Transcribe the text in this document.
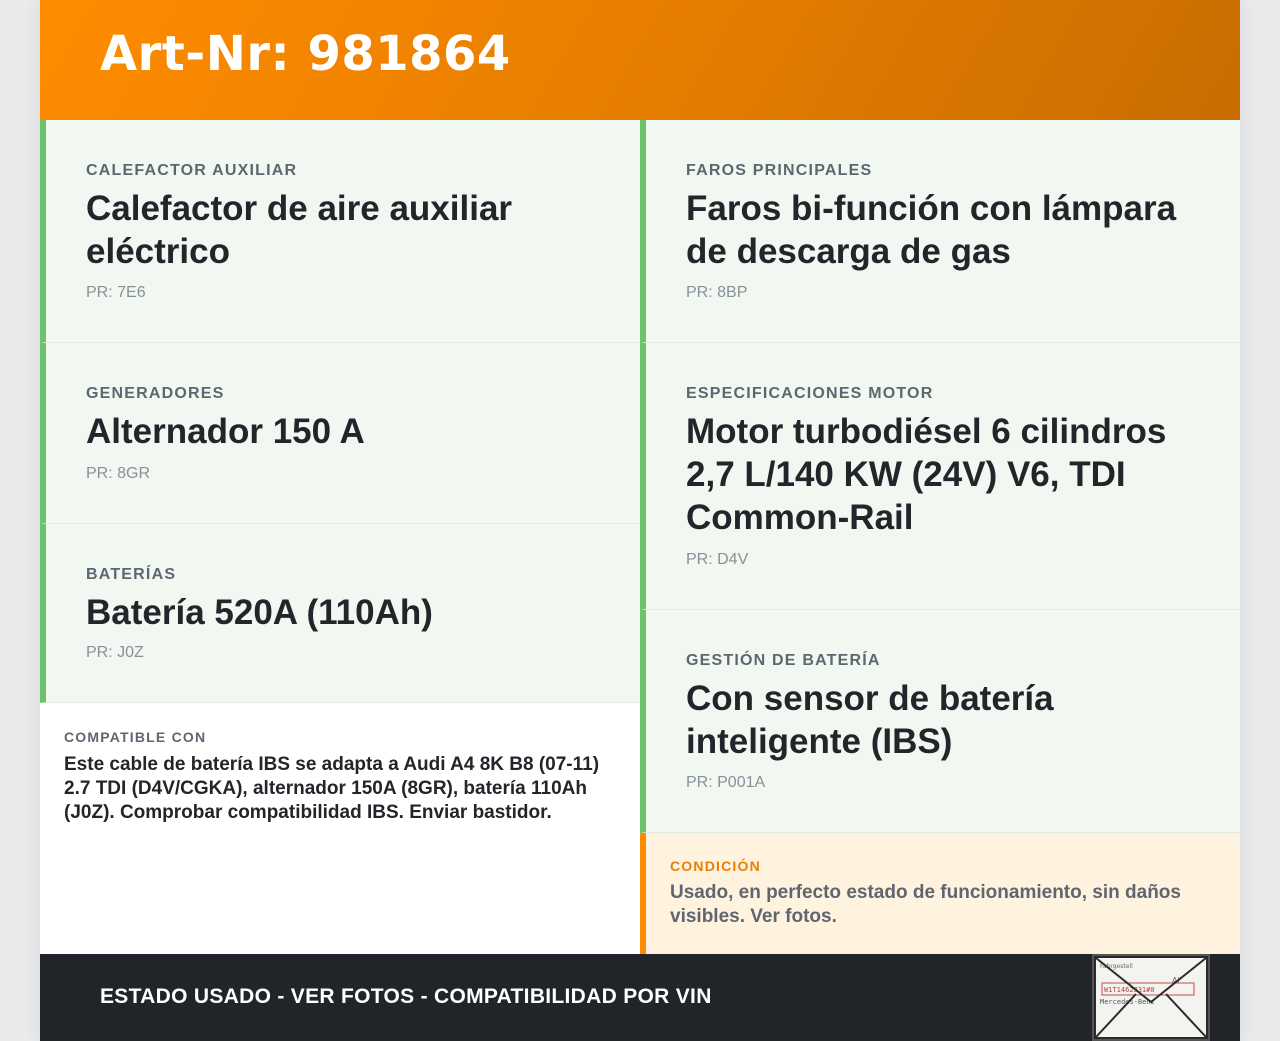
Art-Nr: 981864
CALEFACTOR AUXILIAR
Calefactor de aire auxiliar eléctrico
PR: 7E6
GENERADORES
Alternador 150 A
PR: 8GR
BATERÍAS
Batería 520A (110Ah)
PR: J0Z
FAROS PRINCIPALES
Faros bi-función con lámpara de descarga de gas
PR: 8BP
ESPECIFICACIONES MOTOR
Motor turbodiésel 6 cilindros 2,7 L/140 KW (24V) V6, TDI Common-Rail
PR: D4V
GESTIÓN DE BATERÍA
Con sensor de batería inteligente (IBS)
PR: P001A
COMPATIBLE CON
Este cable de batería IBS se adapta a Audi A4 8K B8 (07-11) 2.7 TDI (D4V/CGKA), alternador 150A (8GR), batería 110Ah (J0Z). Comprobar compatibilidad IBS. Enviar bastidor.
CONDICIÓN
Usado, en perfecto estado de funcionamiento, sin daños visibles. Ver fotos.
ESTADO USADO - VER FOTOS - COMPATIBILIDAD POR VIN
Fahrgestell
Al
W1T1462J31#0
Mercedes-Benz
